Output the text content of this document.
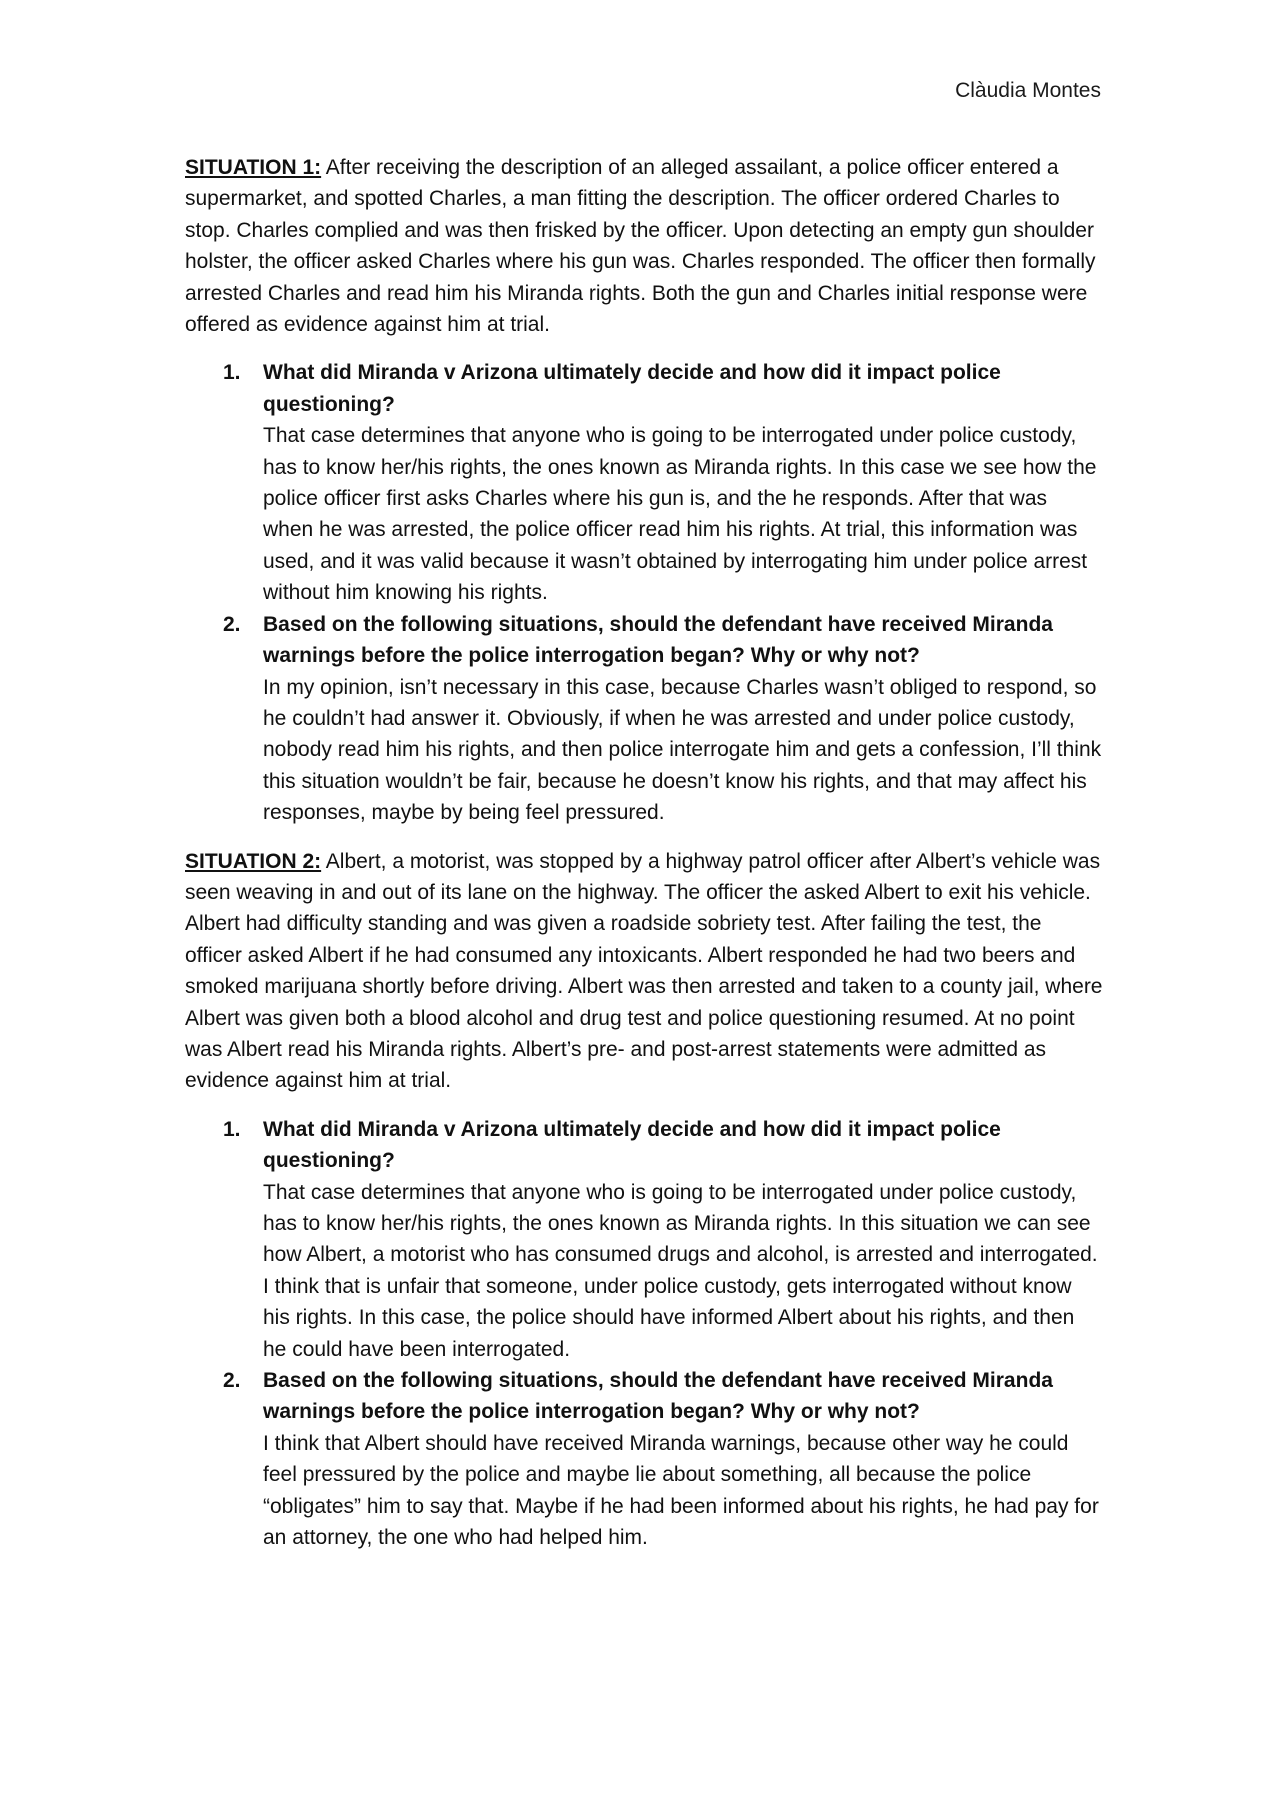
Clàudia Montes

SITUATION 1: After receiving the description of an alleged assailant, a police officer entered a supermarket, and spotted Charles, a man fitting the description. The officer ordered Charles to stop. Charles complied and was then frisked by the officer. Upon detecting an empty gun shoulder holster, the officer asked Charles where his gun was. Charles responded. The officer then formally arrested Charles and read him his Miranda rights. Both the gun and Charles initial response were offered as evidence against him at trial.

1. What did Miranda v Arizona ultimately decide and how did it impact police questioning?
That case determines that anyone who is going to be interrogated under police custody, has to know her/his rights, the ones known as Miranda rights. In this case we see how the police officer first asks Charles where his gun is, and the he responds. After that was when he was arrested, the police officer read him his rights. At trial, this information was used, and it was valid because it wasn’t obtained by interrogating him under police arrest without him knowing his rights.
2. Based on the following situations, should the defendant have received Miranda warnings before the police interrogation began? Why or why not?
In my opinion, isn’t necessary in this case, because Charles wasn’t obliged to respond, so he couldn’t had answer it. Obviously, if when he was arrested and under police custody, nobody read him his rights, and then police interrogate him and gets a confession, I’ll think this situation wouldn’t be fair, because he doesn’t know his rights, and that may affect his responses, maybe by being feel pressured.

SITUATION 2: Albert, a motorist, was stopped by a highway patrol officer after Albert’s vehicle was seen weaving in and out of its lane on the highway. The officer the asked Albert to exit his vehicle. Albert had difficulty standing and was given a roadside sobriety test. After failing the test, the officer asked Albert if he had consumed any intoxicants. Albert responded he had two beers and smoked marijuana shortly before driving. Albert was then arrested and taken to a county jail, where Albert was given both a blood alcohol and drug test and police questioning resumed. At no point was Albert read his Miranda rights. Albert’s pre- and post-arrest statements were admitted as evidence against him at trial.

1. What did Miranda v Arizona ultimately decide and how did it impact police questioning?
That case determines that anyone who is going to be interrogated under police custody, has to know her/his rights, the ones known as Miranda rights. In this situation we can see how Albert, a motorist who has consumed drugs and alcohol, is arrested and interrogated. I think that is unfair that someone, under police custody, gets interrogated without know his rights. In this case, the police should have informed Albert about his rights, and then he could have been interrogated.
2. Based on the following situations, should the defendant have received Miranda warnings before the police interrogation began? Why or why not?
I think that Albert should have received Miranda warnings, because other way he could feel pressured by the police and maybe lie about something, all because the police “obligates” him to say that. Maybe if he had been informed about his rights, he had pay for an attorney, the one who had helped him.
